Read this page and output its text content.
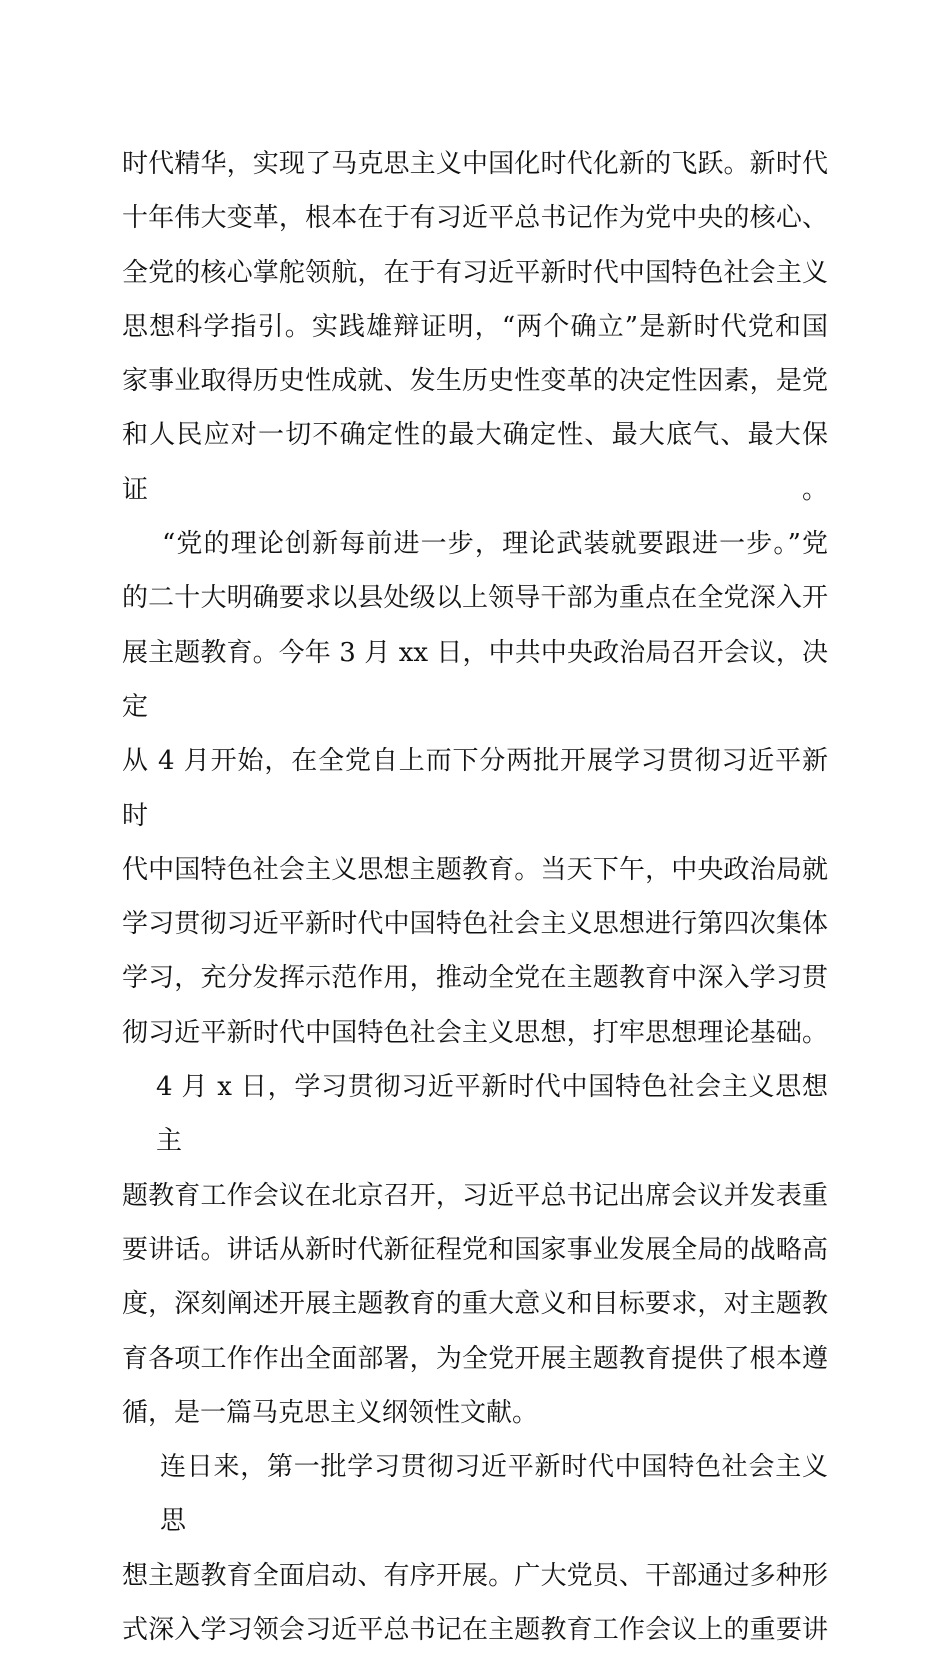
时代精华，实现了马克思主义中国化时代化新的飞跃。新时代
十年伟大变革，根本在于有习近平总书记作为党中央的核心、
全党的核心掌舵领航，在于有习近平新时代中国特色社会主义
思想科学指引。实践雄辩证明，“两个确立”是新时代党和国
家事业取得历史性成就、发生历史性变革的决定性因素，是党
和人民应对一切不确定性的最大确定性、最大底气、最大保证。
“党的理论创新每前进一步，理论武装就要跟进一步。”党
的二十大明确要求以县处级以上领导干部为重点在全党深入开
展主题教育。今年 3 月 xx 日，中共中央政治局召开会议，决定
从 4 月开始，在全党自上而下分两批开展学习贯彻习近平新时
代中国特色社会主义思想主题教育。当天下午，中央政治局就
学习贯彻习近平新时代中国特色社会主义思想进行第四次集体
学习，充分发挥示范作用，推动全党在主题教育中深入学习贯
彻习近平新时代中国特色社会主义思想，打牢思想理论基础。
4 月 x 日，学习贯彻习近平新时代中国特色社会主义思想主
题教育工作会议在北京召开，习近平总书记出席会议并发表重
要讲话。讲话从新时代新征程党和国家事业发展全局的战略高
度，深刻阐述开展主题教育的重大意义和目标要求，对主题教
育各项工作作出全面部署，为全党开展主题教育提供了根本遵
循，是一篇马克思主义纲领性文献。
连日来，第一批学习贯彻习近平新时代中国特色社会主义思
想主题教育全面启动、有序开展。广大党员、干部通过多种形
式深入学习领会习近平总书记在主题教育工作会议上的重要讲
